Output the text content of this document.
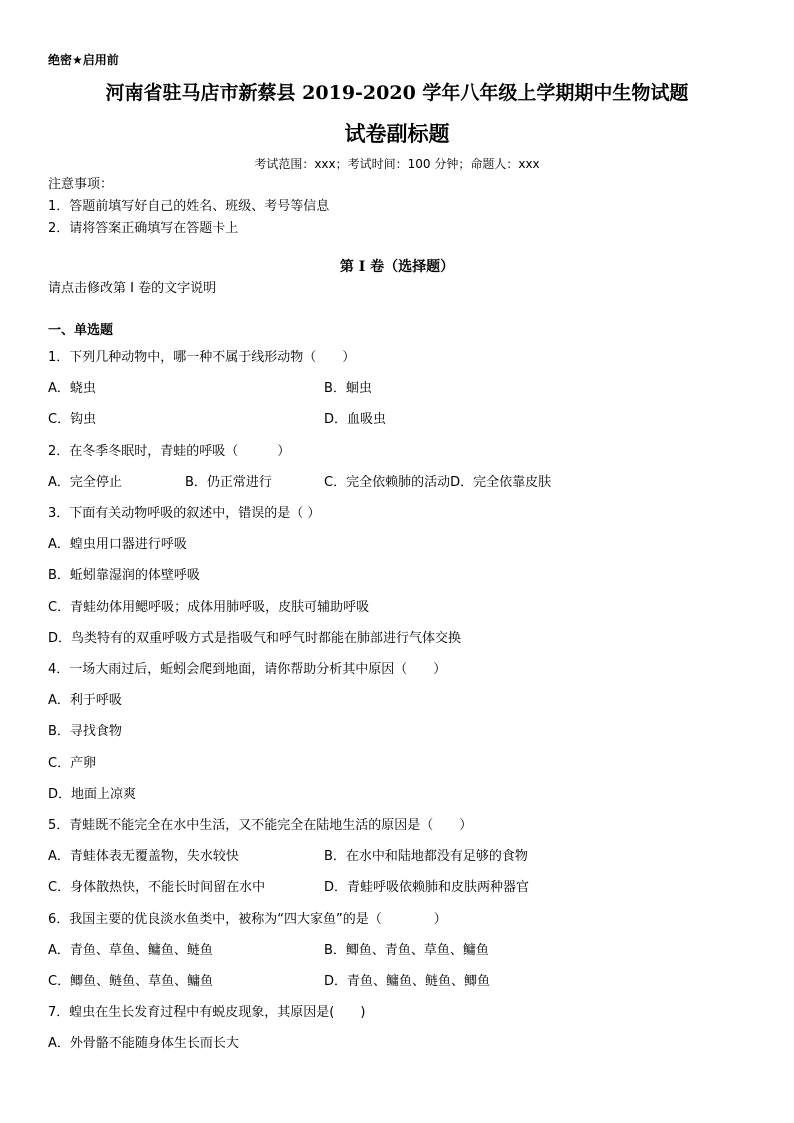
绝密★启用前
河南省驻马店市新蔡县 2019-2020 学年八年级上学期期中生物试题
试卷副标题
考试范围：xxx；考试时间：100 分钟；命题人：xxx
注意事项：
1．答题前填写好自己的姓名、班级、考号等信息
2．请将答案正确填写在答题卡上
第 I 卷（选择题）
请点击修改第 I 卷的文字说明
一、单选题
1．下列几种动物中，哪一种不属于线形动物（　　）
A．蛲虫	B．蛔虫
C．钩虫	D．血吸虫
2．在冬季冬眠时，青蛙的呼吸（　　　）
A．完全停止	B．仍正常进行	C．完全依赖肺的活动D．完全依靠皮肤
3．下面有关动物呼吸的叙述中，错误的是（ ）
A．蝗虫用口器进行呼吸
B．蚯蚓靠湿润的体壁呼吸
C．青蛙幼体用鳃呼吸；成体用肺呼吸，皮肤可辅助呼吸
D．鸟类特有的双重呼吸方式是指吸气和呼气时都能在肺部进行气体交换
4．一场大雨过后，蚯蚓会爬到地面，请你帮助分析其中原因（　　）
A．利于呼吸
B．寻找食物
C．产卵
D．地面上凉爽
5．青蛙既不能完全在水中生活，又不能完全在陆地生活的原因是（　　）
A．青蛙体表无覆盖物，失水较快	B．在水中和陆地都没有足够的食物
C．身体散热快，不能长时间留在水中	D．青蛙呼吸依赖肺和皮肤两种器官
6．我国主要的优良淡水鱼类中，被称为“四大家鱼”的是（　　　　）
A．青鱼、草鱼、鳙鱼、鲢鱼	B．鲫鱼、青鱼、草鱼、鳙鱼
C．鲫鱼、鲢鱼、草鱼、鳙鱼	D．青鱼、鳙鱼、鲢鱼、鲫鱼
7．蝗虫在生长发育过程中有蜕皮现象，其原因是(　　)
A．外骨骼不能随身体生长而长大
